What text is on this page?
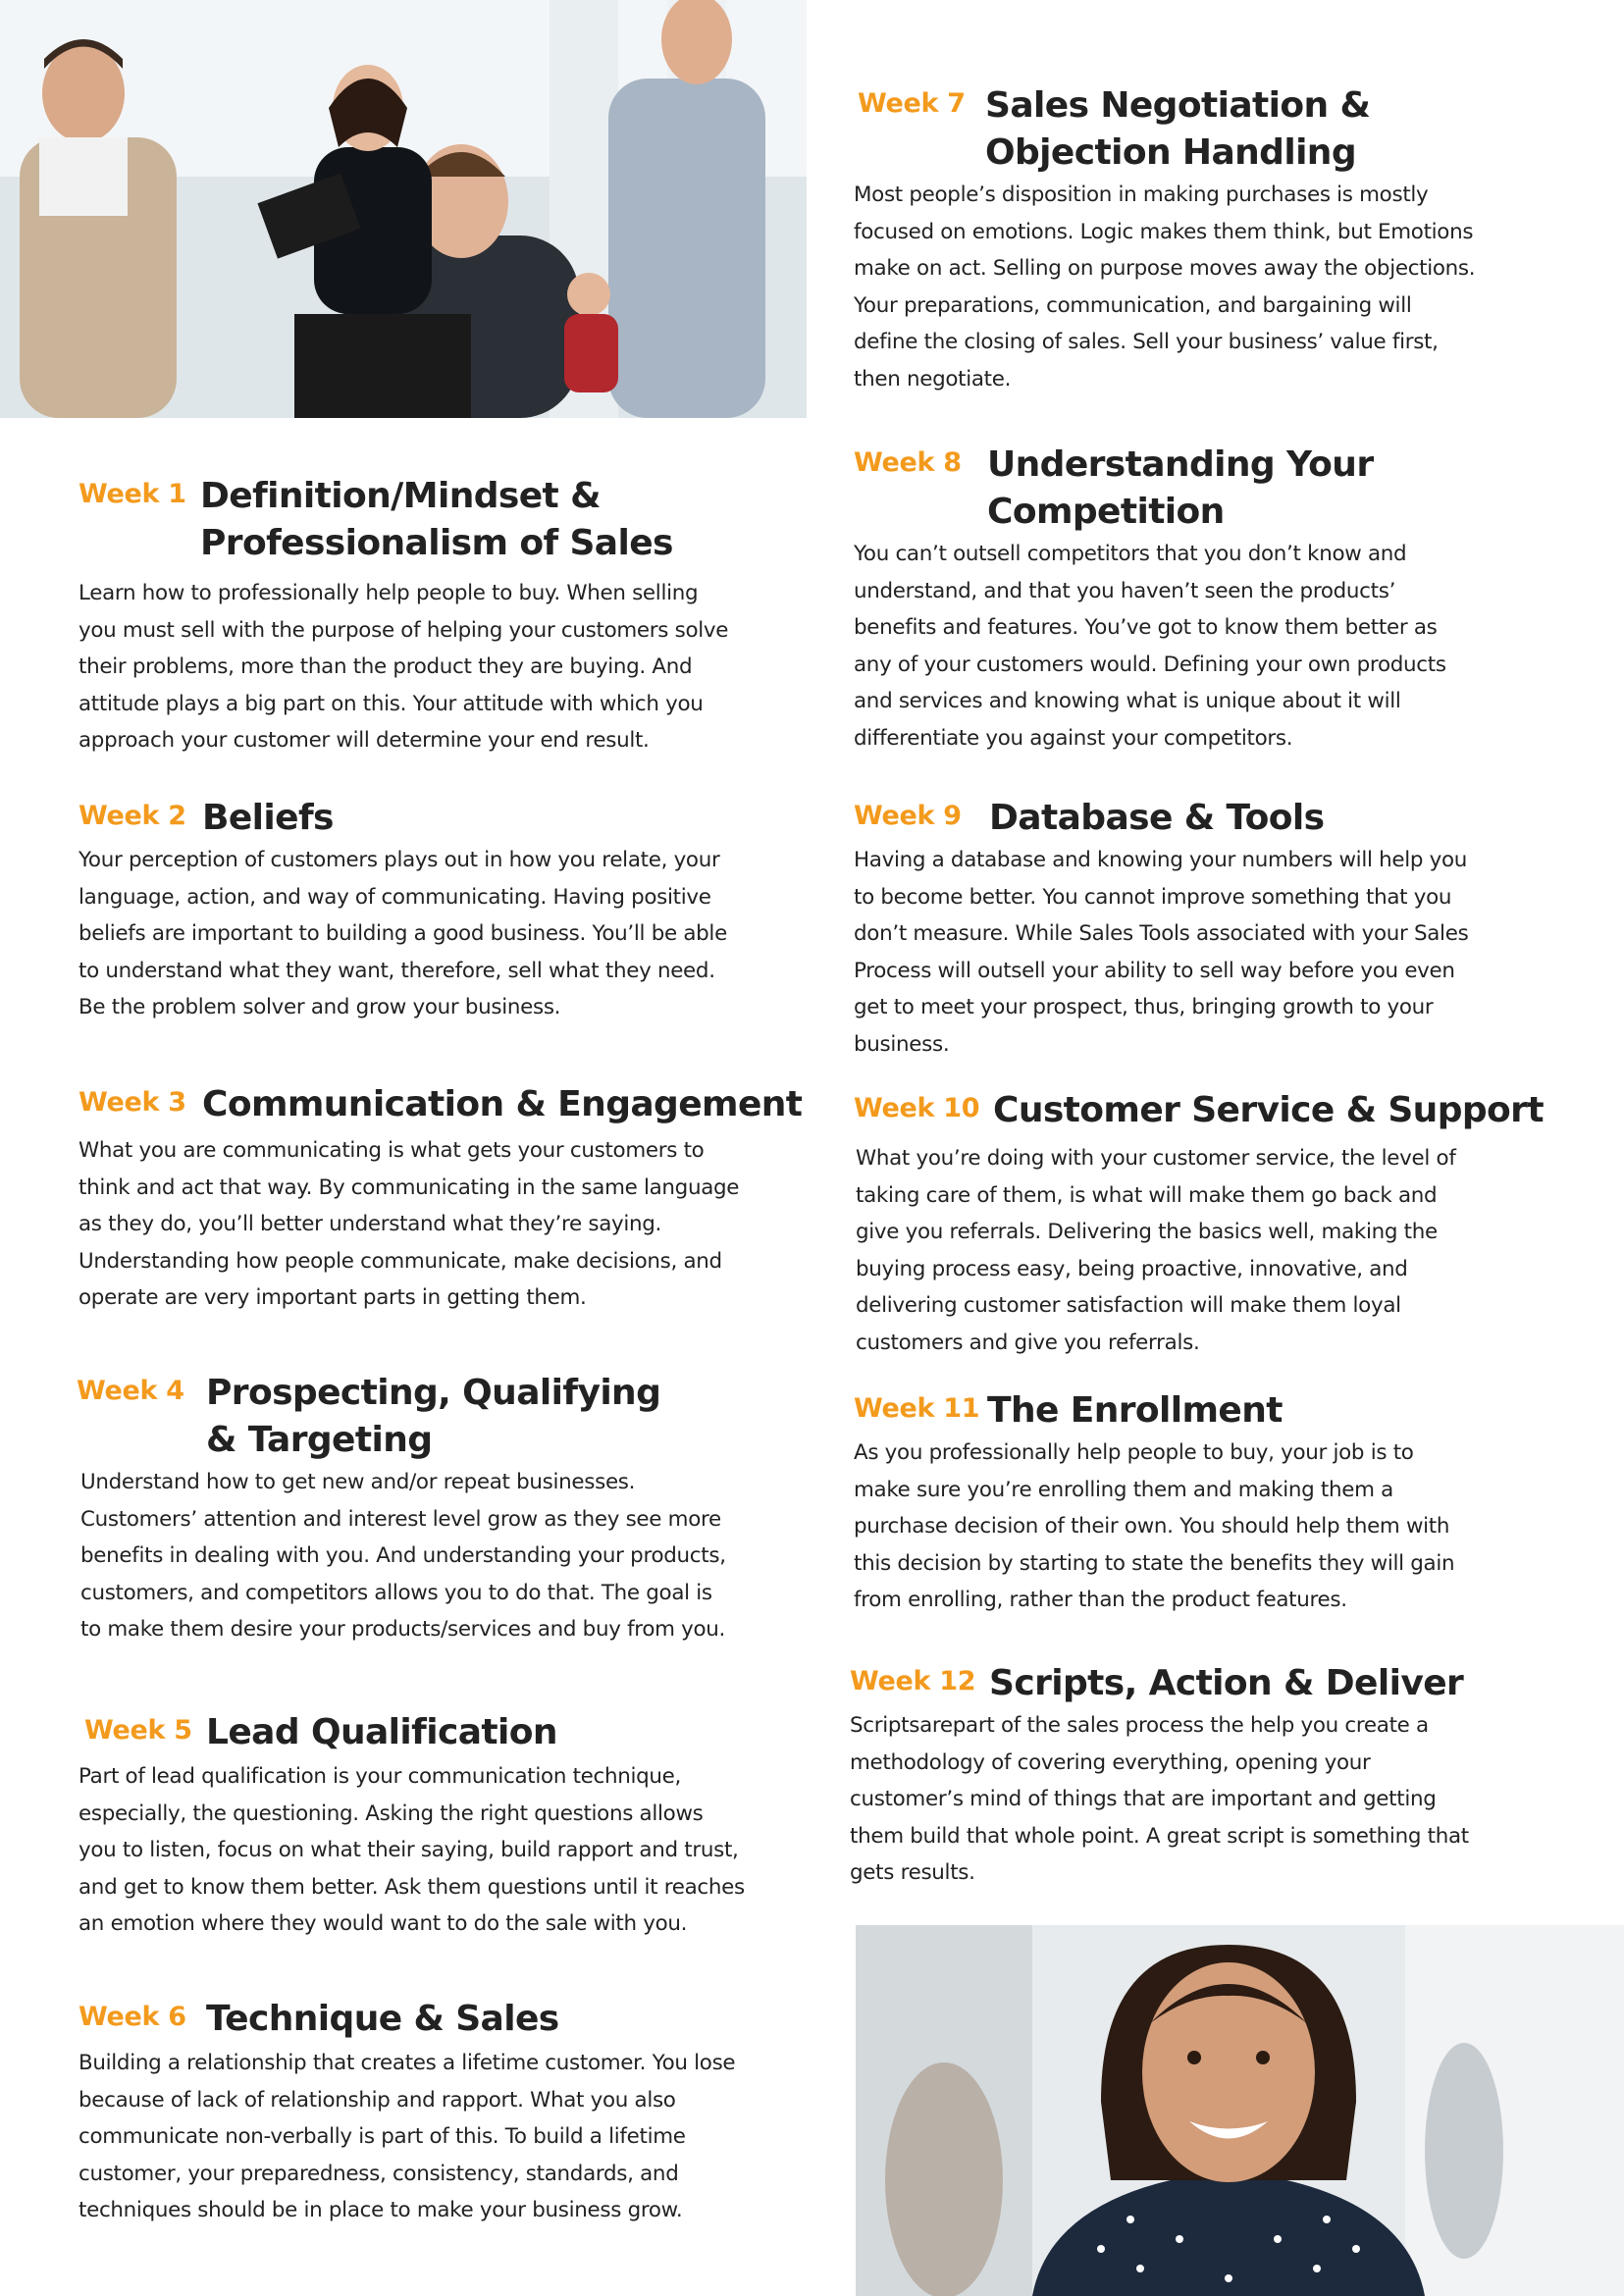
Week 1 Definition/Mindset &
Professionalism of Sales
Learn how to professionally help people to buy. When selling
you must sell with the purpose of helping your customers solve
their problems, more than the product they are buying. And
attitude plays a big part on this. Your attitude with which you
approach your customer will determine your end result.
Week 2 Beliefs
Your perception of customers plays out in how you relate, your
language, action, and way of communicating. Having positive
beliefs are important to building a good business. You’ll be able
to understand what they want, therefore, sell what they need.
Be the problem solver and grow your business.
Week 3 Communication & Engagement
What you are communicating is what gets your customers to
think and act that way. By communicating in the same language
as they do, you’ll better understand what they’re saying.
Understanding how people communicate, make decisions, and
operate are very important parts in getting them.
Week 4 Prospecting, Qualifying
& Targeting
Understand how to get new and/or repeat businesses.
Customers’ attention and interest level grow as they see more
benefits in dealing with you. And understanding your products,
customers, and competitors allows you to do that. The goal is
to make them desire your products/services and buy from you.
Week 5 Lead Qualification
Part of lead qualification is your communication technique,
especially, the questioning. Asking the right questions allows
you to listen, focus on what their saying, build rapport and trust,
and get to know them better. Ask them questions until it reaches
an emotion where they would want to do the sale with you.
Week 6 Technique & Sales
Building a relationship that creates a lifetime customer. You lose
because of lack of relationship and rapport. What you also
communicate non-verbally is part of this. To build a lifetime
customer, your preparedness, consistency, standards, and
techniques should be in place to make your business grow.
Week 7 Sales Negotiation &
Objection Handling
Most people’s disposition in making purchases is mostly
focused on emotions. Logic makes them think, but Emotions
make on act. Selling on purpose moves away the objections.
Your preparations, communication, and bargaining will
define the closing of sales. Sell your business’ value first,
then negotiate.
Week 8 Understanding Your
Competition
You can’t outsell competitors that you don’t know and
understand, and that you haven’t seen the products’
benefits and features. You’ve got to know them better as
any of your customers would. Defining your own products
and services and knowing what is unique about it will
differentiate you against your competitors.
Week 9 Database & Tools
Having a database and knowing your numbers will help you
to become better. You cannot improve something that you
don’t measure. While Sales Tools associated with your Sales
Process will outsell your ability to sell way before you even
get to meet your prospect, thus, bringing growth to your
business.
Week 10 Customer Service & Support
What you’re doing with your customer service, the level of
taking care of them, is what will make them go back and
give you referrals. Delivering the basics well, making the
buying process easy, being proactive, innovative, and
delivering customer satisfaction will make them loyal
customers and give you referrals.
Week 11 The Enrollment
As you professionally help people to buy, your job is to
make sure you’re enrolling them and making them a
purchase decision of their own. You should help them with
this decision by starting to state the benefits they will gain
from enrolling, rather than the product features.
Week 12 Scripts, Action & Deliver
Scriptsarepart of the sales process the help you create a
methodology of covering everything, opening your
customer’s mind of things that are important and getting
them build that whole point. A great script is something that
gets results.
